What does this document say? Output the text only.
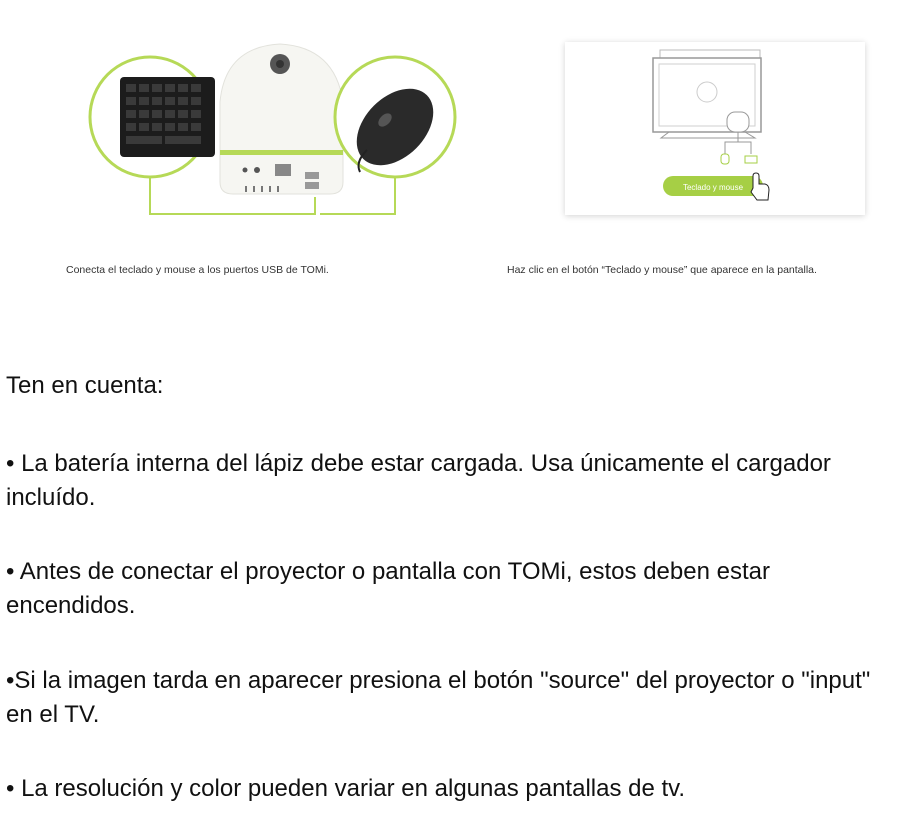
Teclado y mouse
Conecta el teclado y mouse a los puertos USB de TOMi.	Haz clic en el botón “Teclado y mouse” que aparece en la pantalla.
Ten en cuenta:
• La batería interna del lápiz debe estar cargada. Usa únicamente el cargador incluído.
• Antes de conectar el proyector o pantalla con TOMi, estos deben estar encendidos.
•Si la imagen tarda en aparecer presiona el botón "source" del proyector o "input" en el TV.
• La resolución y color pueden variar en algunas pantallas de tv.
